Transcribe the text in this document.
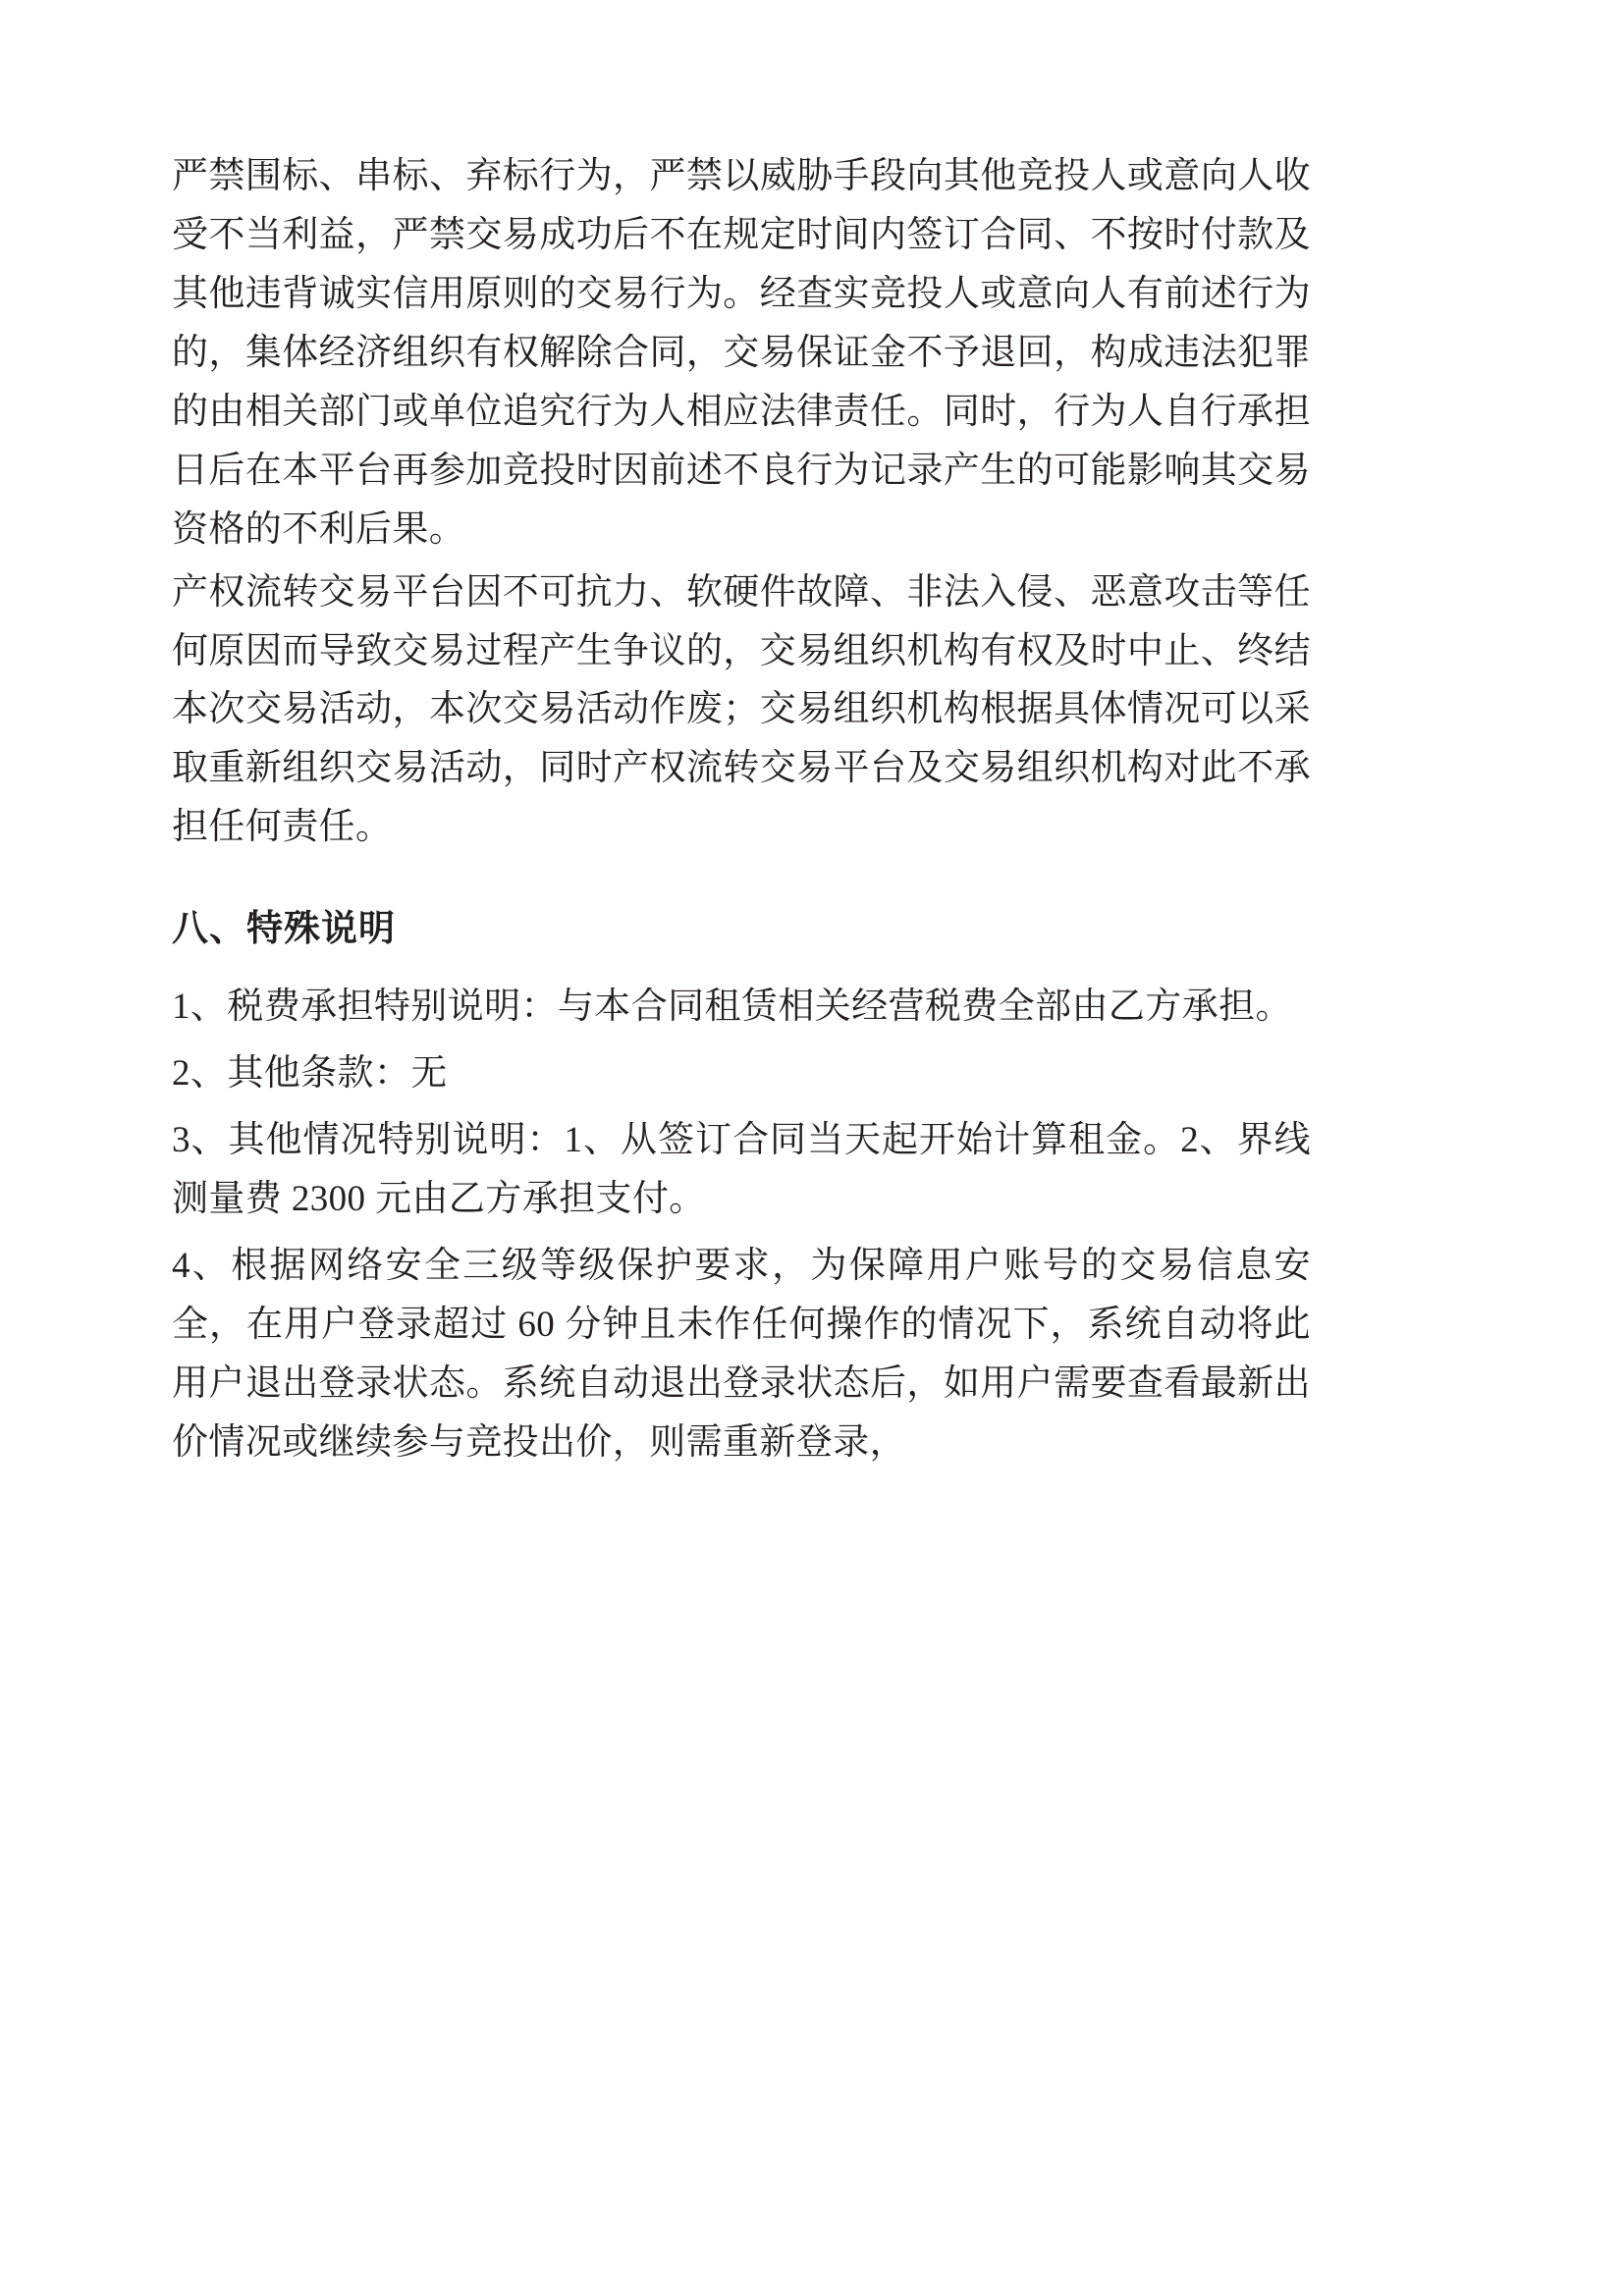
严禁围标、串标、弃标行为，严禁以威胁手段向其他竞投人或意向人收受不当利益，严禁交易成功后不在规定时间内签订合同、不按时付款及其他违背诚实信用原则的交易行为。经查实竞投人或意向人有前述行为的，集体经济组织有权解除合同，交易保证金不予退回，构成违法犯罪的由相关部门或单位追究行为人相应法律责任。同时，行为人自行承担日后在本平台再参加竞投时因前述不良行为记录产生的可能影响其交易资格的不利后果。

产权流转交易平台因不可抗力、软硬件故障、非法入侵、恶意攻击等任何原因而导致交易过程产生争议的，交易组织机构有权及时中止、终结本次交易活动，本次交易活动作废；交易组织机构根据具体情况可以采取重新组织交易活动，同时产权流转交易平台及交易组织机构对此不承担任何责任。

八、特殊说明

1、税费承担特别说明：与本合同租赁相关经营税费全部由乙方承担。

2、其他条款：无

3、其他情况特别说明：1、从签订合同当天起开始计算租金。2、界线测量费 2300 元由乙方承担支付。

4、根据网络安全三级等级保护要求，为保障用户账号的交易信息安全，在用户登录超过 60 分钟且未作任何操作的情况下，系统自动将此用户退出登录状态。系统自动退出登录状态后，如用户需要查看最新出价情况或继续参与竞投出价，则需重新登录，
